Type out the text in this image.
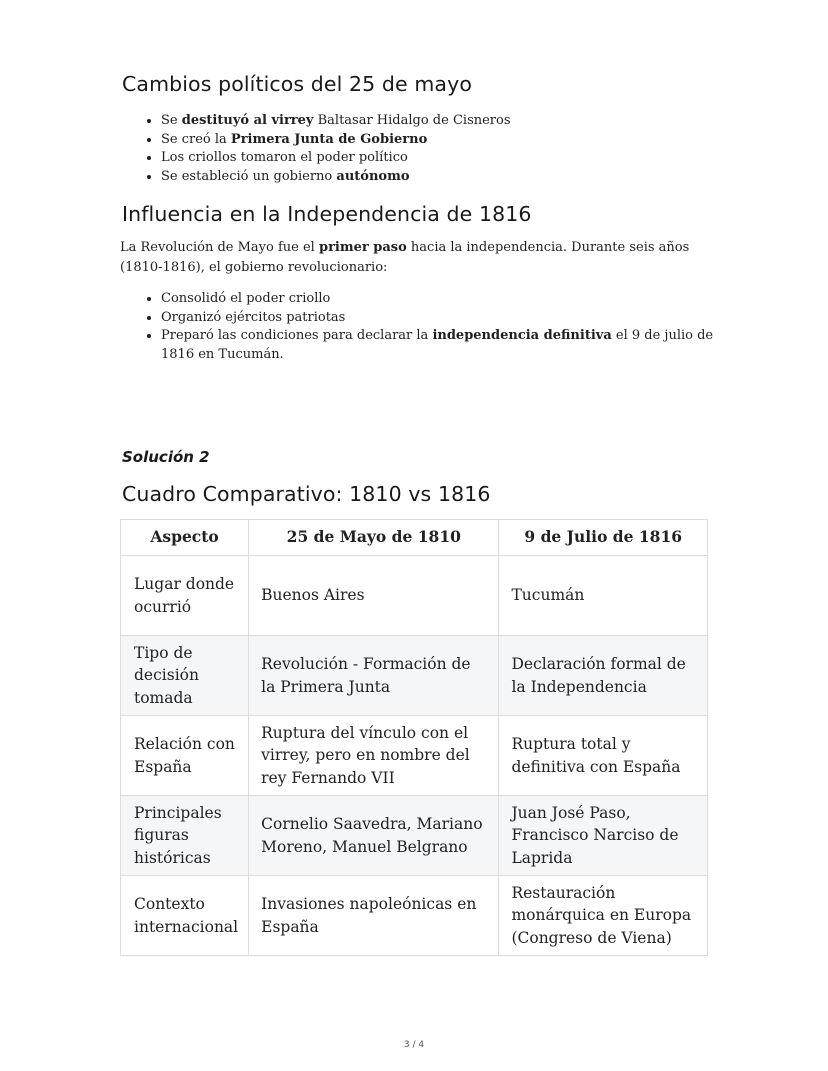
Cambios políticos del 25 de mayo
• Se destituyó al virrey Baltasar Hidalgo de Cisneros
• Se creó la Primera Junta de Gobierno
• Los criollos tomaron el poder político
• Se estableció un gobierno autónomo
Influencia en la Independencia de 1816

La Revolución de Mayo fue el primer paso hacia la independencia. Durante seis años (1810-1816), el gobierno revolucionario:

• Consolidó el poder criollo
• Organizó ejércitos patriotas
• Preparó las condiciones para declarar la independencia definitiva el 9 de julio de 1816 en Tucumán.

Solución 2

Cuadro Comparativo: 1810 vs 1816
Aspecto	25 de Mayo de 1810	9 de Julio de 1816
Lugar donde ocurrió	Buenos Aires	Tucumán
Tipo de decisión tomada	Revolución - Formación de la Primera Junta	Declaración formal de la Independencia
Relación con España	Ruptura del vínculo con el virrey, pero en nombre del rey Fernando VII	Ruptura total y definitiva con España
Principales figuras históricas	Cornelio Saavedra, Mariano Moreno, Manuel Belgrano	Juan José Paso, Francisco Narciso de Laprida
Contexto internacional	Invasiones napoleónicas en España	Restauración monárquica en Europa (Congreso de Viena)
3 / 4
